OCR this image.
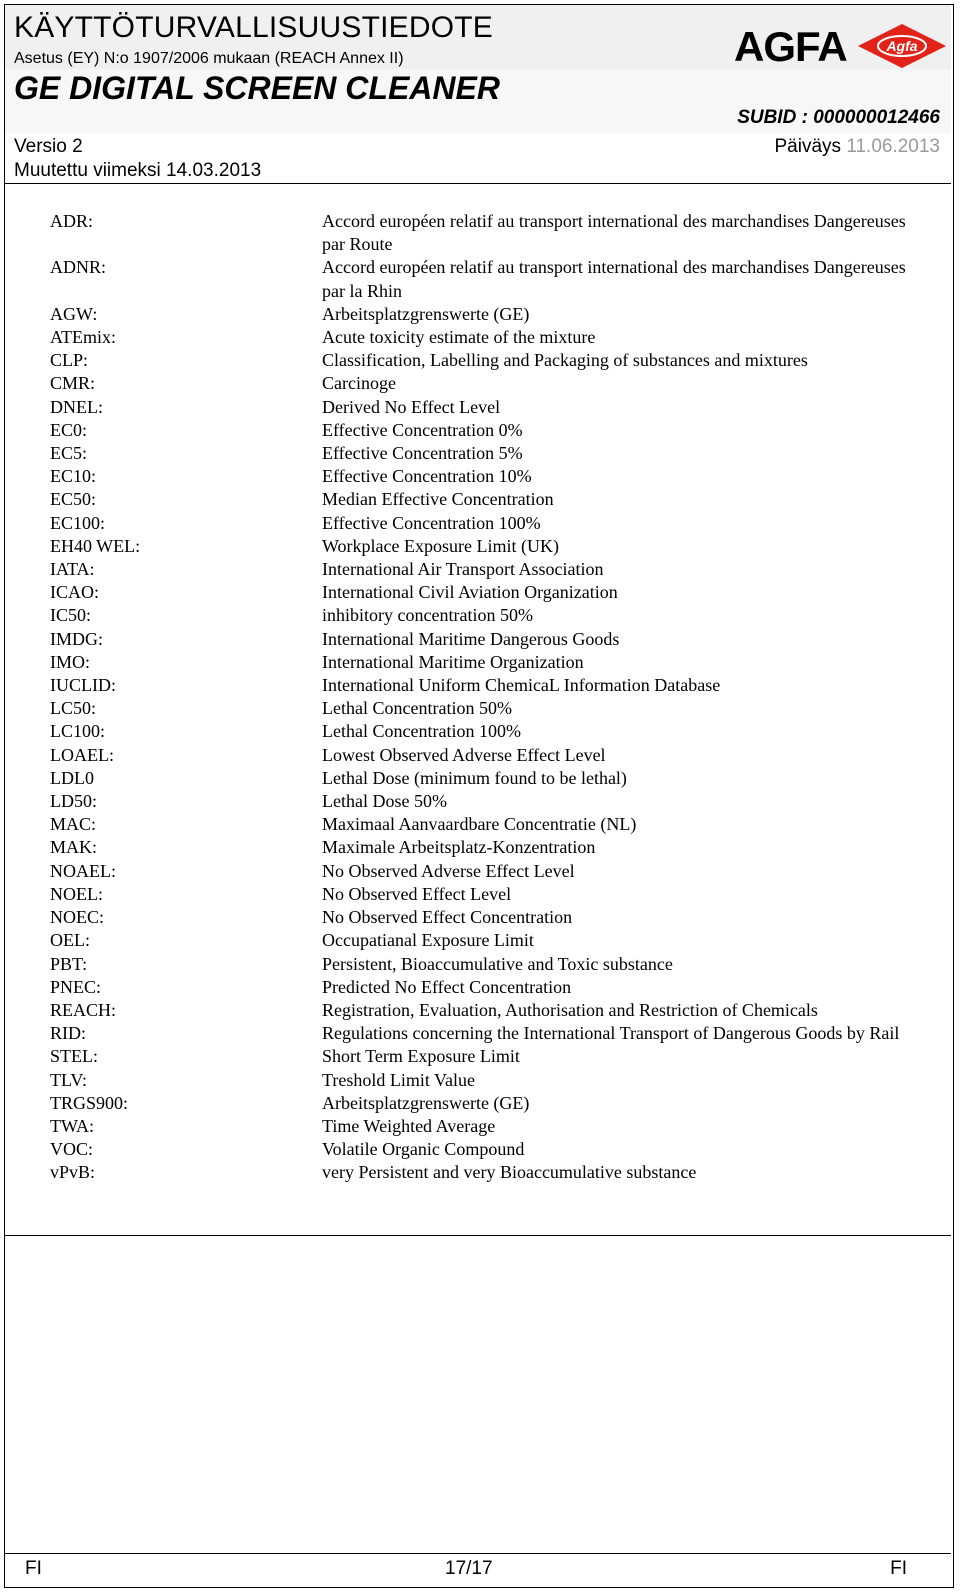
KÄYTTÖTURVALLISUUSTIEDOTE
Asetus (EY) N:o 1907/2006 mukaan (REACH Annex II)
GE DIGITAL SCREEN CLEANER
SUBID : 000000012466
Versio 2	Päiväys 11.06.2013
Muutettu viimeksi 14.03.2013
AGFA	Agfa
ADR:	Accord européen relatif au transport international des marchandises Dangereuses par Route
ADNR:	Accord européen relatif au transport international des marchandises Dangereuses par la Rhin
AGW:	Arbeitsplatzgrenswerte (GE)
ATEmix:	Acute toxicity estimate of the mixture
CLP:	Classification, Labelling and Packaging of substances and mixtures
CMR:	Carcinoge
DNEL:	Derived No Effect Level
EC0:	Effective Concentration 0%
EC5:	Effective Concentration 5%
EC10:	Effective Concentration 10%
EC50:	Median Effective Concentration
EC100:	Effective Concentration 100%
EH40 WEL:	Workplace Exposure Limit (UK)
IATA:	International Air Transport Association
ICAO:	International Civil Aviation Organization
IC50:	inhibitory concentration 50%
IMDG:	International Maritime Dangerous Goods
IMO:	International Maritime Organization
IUCLID:	International Uniform ChemicaL Information Database
LC50:	Lethal Concentration 50%
LC100:	Lethal Concentration 100%
LOAEL:	Lowest Observed Adverse Effect Level
LDL0	Lethal Dose (minimum found to be lethal)
LD50:	Lethal Dose 50%
MAC:	Maximaal Aanvaardbare Concentratie (NL)
MAK:	Maximale Arbeitsplatz-Konzentration
NOAEL:	No Observed Adverse Effect Level
NOEL:	No Observed Effect Level
NOEC:	No Observed Effect Concentration
OEL:	Occupatianal Exposure Limit
PBT:	Persistent, Bioaccumulative and Toxic substance
PNEC:	Predicted No Effect Concentration
REACH:	Registration, Evaluation, Authorisation and Restriction of Chemicals
RID:	Regulations concerning the International Transport of Dangerous Goods by Rail
STEL:	Short Term Exposure Limit
TLV:	Treshold Limit Value
TRGS900:	Arbeitsplatzgrenswerte (GE)
TWA:	Time Weighted Average
VOC:	Volatile Organic Compound
vPvB:	very Persistent and very Bioaccumulative substance
FI	17/17	FI
